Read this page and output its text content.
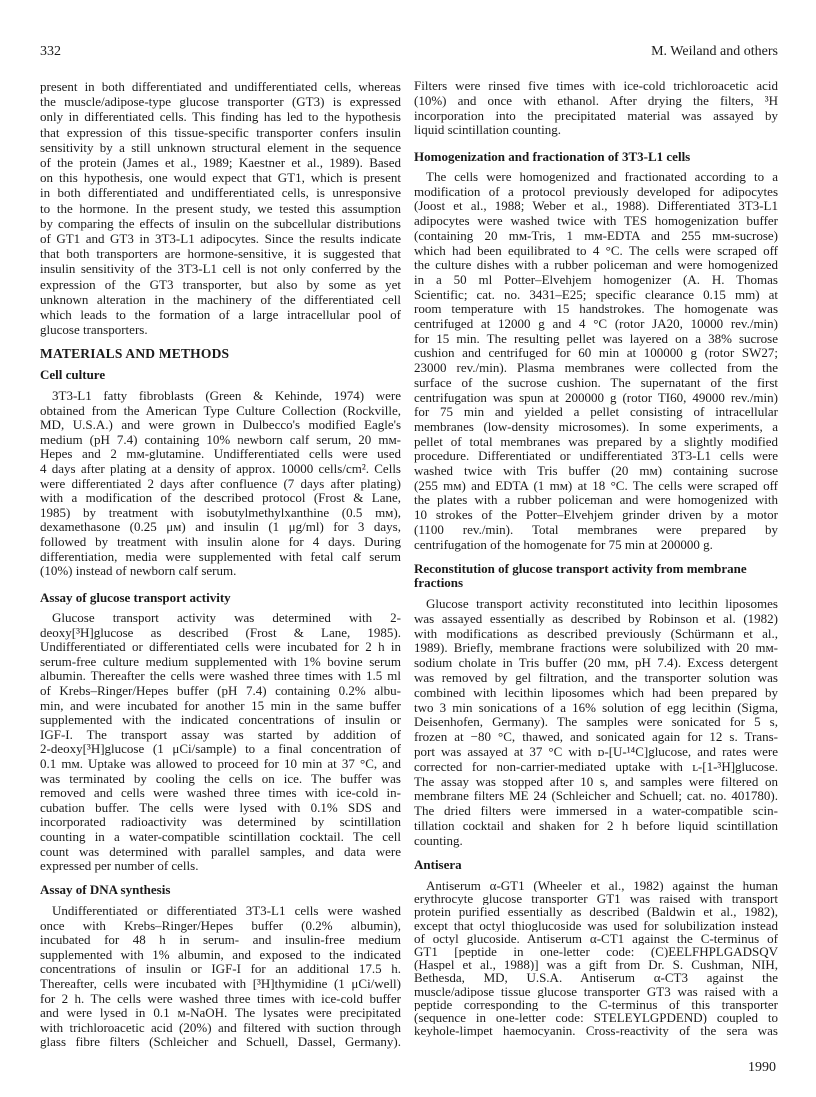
332	M. Weiland and others
present in both differentiated and undifferentiated cells, whereas
the muscle/adipose-type glucose transporter (GT3) is expressed
only in differentiated cells. This finding has led to the hypothesis
that expression of this tissue-specific transporter confers insulin
sensitivity by a still unknown structural element in the sequence
of the protein (James et al., 1989; Kaestner et al., 1989). Based
on this hypothesis, one would expect that GT1, which is present
in both differentiated and undifferentiated cells, is unresponsive
to the hormone. In the present study, we tested this assumption
by comparing the effects of insulin on the subcellular distributions
of GT1 and GT3 in 3T3-L1 adipocytes. Since the results indicate
that both transporters are hormone-sensitive, it is suggested that
insulin sensitivity of the 3T3-L1 cell is not only conferred by the
expression of the GT3 transporter, but also by some as yet
unknown alteration in the machinery of the differentiated cell
which leads to the formation of a large intracellular pool of
glucose transporters.
MATERIALS AND METHODS
Cell culture
3T3-L1 fatty fibroblasts (Green & Kehinde, 1974) were
obtained from the American Type Culture Collection (Rockville,
MD, U.S.A.) and were grown in Dulbecco's modified Eagle's
medium (pH 7.4) containing 10% newborn calf serum, 20 mᴍ-
Hepes and 2 mᴍ-glutamine. Undifferentiated cells were used
4 days after plating at a density of approx. 10000 cells/cm². Cells
were differentiated 2 days after confluence (7 days after plating)
with a modification of the described protocol (Frost & Lane,
1985) by treatment with isobutylmethylxanthine (0.5 mᴍ),
dexamethasone (0.25 μᴍ) and insulin (1 μg/ml) for 3 days,
followed by treatment with insulin alone for 4 days. During
differentiation, media were supplemented with fetal calf serum
(10%) instead of newborn calf serum.
Assay of glucose transport activity
Glucose transport activity was determined with 2-
deoxy[³H]glucose as described (Frost & Lane, 1985).
Undifferentiated or differentiated cells were incubated for 2 h in
serum-free culture medium supplemented with 1% bovine serum
albumin. Thereafter the cells were washed three times with 1.5 ml
of Krebs–Ringer/Hepes buffer (pH 7.4) containing 0.2% albu-
min, and were incubated for another 15 min in the same buffer
supplemented with the indicated concentrations of insulin or
IGF-I. The transport assay was started by addition of
2-deoxy[³H]glucose (1 μCi/sample) to a final concentration of
0.1 mᴍ. Uptake was allowed to proceed for 10 min at 37 °C, and
was terminated by cooling the cells on ice. The buffer was
removed and cells were washed three times with ice-cold in-
cubation buffer. The cells were lysed with 0.1% SDS and
incorporated radioactivity was determined by scintillation
counting in a water-compatible scintillation cocktail. The cell
count was determined with parallel samples, and data were
expressed per number of cells.
Assay of DNA synthesis
Undifferentiated or differentiated 3T3-L1 cells were washed
once with Krebs–Ringer/Hepes buffer (0.2% albumin),
incubated for 48 h in serum- and insulin-free medium
supplemented with 1% albumin, and exposed to the indicated
concentrations of insulin or IGF-I for an additional 17.5 h.
Thereafter, cells were incubated with [³H]thymidine (1 μCi/well)
for 2 h. The cells were washed three times with ice-cold buffer
and were lysed in 0.1 ᴍ-NaOH. The lysates were precipitated
with trichloroacetic acid (20%) and filtered with suction through
glass fibre filters (Schleicher and Schuell, Dassel, Germany).
Filters were rinsed five times with ice-cold trichloroacetic acid
(10%) and once with ethanol. After drying the filters, ³H
incorporation into the precipitated material was assayed by
liquid scintillation counting.
Homogenization and fractionation of 3T3-L1 cells
The cells were homogenized and fractionated according to a
modification of a protocol previously developed for adipocytes
(Joost et al., 1988; Weber et al., 1988). Differentiated 3T3-L1
adipocytes were washed twice with TES homogenization buffer
(containing 20 mᴍ-Tris, 1 mᴍ-EDTA and 255 mᴍ-sucrose)
which had been equilibrated to 4 °C. The cells were scraped off
the culture dishes with a rubber policeman and were homogenized
in a 50 ml Potter–Elvehjem homogenizer (A. H. Thomas
Scientific; cat. no. 3431–E25; specific clearance 0.15 mm) at
room temperature with 15 handstrokes. The homogenate was
centrifuged at 12000 g and 4 °C (rotor JA20, 10000 rev./min)
for 15 min. The resulting pellet was layered on a 38% sucrose
cushion and centrifuged for 60 min at 100000 g (rotor SW27;
23000 rev./min). Plasma membranes were collected from the
surface of the sucrose cushion. The supernatant of the first
centrifugation was spun at 200000 g (rotor TI60, 49000 rev./min)
for 75 min and yielded a pellet consisting of intracellular
membranes (low-density microsomes). In some experiments, a
pellet of total membranes was prepared by a slightly modified
procedure. Differentiated or undifferentiated 3T3-L1 cells were
washed twice with Tris buffer (20 mᴍ) containing sucrose
(255 mᴍ) and EDTA (1 mᴍ) at 18 °C. The cells were scraped off
the plates with a rubber policeman and were homogenized with
10 strokes of the Potter–Elvehjem grinder driven by a motor
(1100 rev./min). Total membranes were prepared by
centrifugation of the homogenate for 75 min at 200000 g.
Reconstitution of glucose transport activity from membrane
fractions
Glucose transport activity reconstituted into lecithin liposomes
was assayed essentially as described by Robinson et al. (1982)
with modifications as described previously (Schürmann et al.,
1989). Briefly, membrane fractions were solubilized with 20 mᴍ-
sodium cholate in Tris buffer (20 mᴍ, pH 7.4). Excess detergent
was removed by gel filtration, and the transporter solution was
combined with lecithin liposomes which had been prepared by
two 3 min sonications of a 16% solution of egg lecithin (Sigma,
Deisenhofen, Germany). The samples were sonicated for 5 s,
frozen at −80 °C, thawed, and sonicated again for 12 s. Trans-
port was assayed at 37 °C with ᴅ-[U-¹⁴C]glucose, and rates were
corrected for non-carrier-mediated uptake with ʟ-[1-³H]glucose.
The assay was stopped after 10 s, and samples were filtered on
membrane filters ME 24 (Schleicher and Schuell; cat. no. 401780).
The dried filters were immersed in a water-compatible scin-
tillation cocktail and shaken for 2 h before liquid scintillation
counting.
Antisera
Antiserum α-GT1 (Wheeler et al., 1982) against the human
erythrocyte glucose transporter GT1 was raised with transport
protein purified essentially as described (Baldwin et al., 1982),
except that octyl thioglucoside was used for solubilization instead
of octyl glucoside. Antiserum α-CT1 against the C-terminus of
GT1 [peptide in one-letter code: (C)EELFHPLGADSQV
(Haspel et al., 1988)] was a gift from Dr. S. Cushman, NIH,
Bethesda, MD, U.S.A. Antiserum α-CT3 against the
muscle/adipose tissue glucose transporter GT3 was raised with a
peptide corresponding to the C-terminus of this transporter
(sequence in one-letter code: STELEYLGPDEND) coupled to
keyhole-limpet haemocyanin. Cross-reactivity of the sera was
1990
